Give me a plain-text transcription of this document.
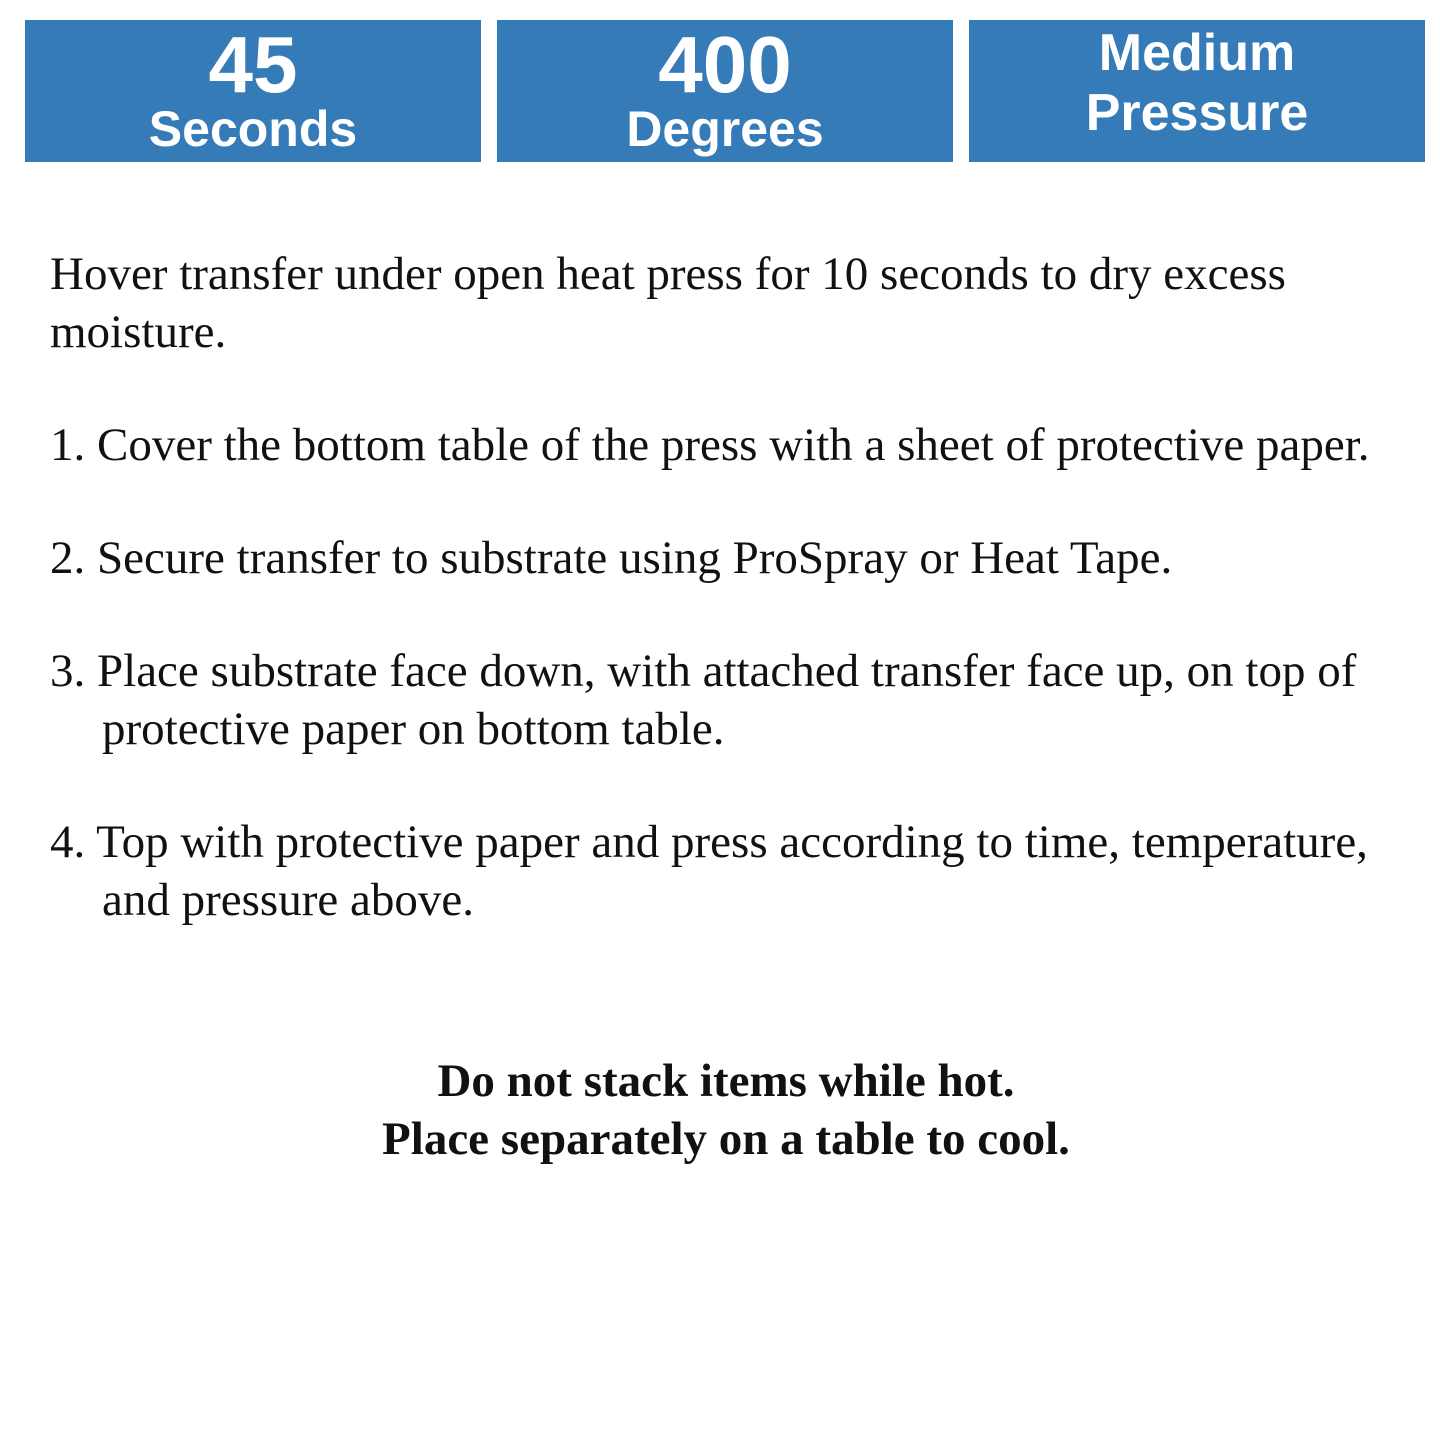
45
Seconds
400
Degrees
Medium
Pressure

Hover transfer under open heat press for 10 seconds to dry excess moisture.

1. Cover the bottom table of the press with a sheet of protective paper.

2. Secure transfer to substrate using ProSpray or Heat Tape.

3. Place substrate face down, with attached transfer face up, on top of protective paper on bottom table.

4. Top with protective paper and press according to time, temperature, and pressure above.

Do not stack items while hot.
Place separately on a table to cool.
